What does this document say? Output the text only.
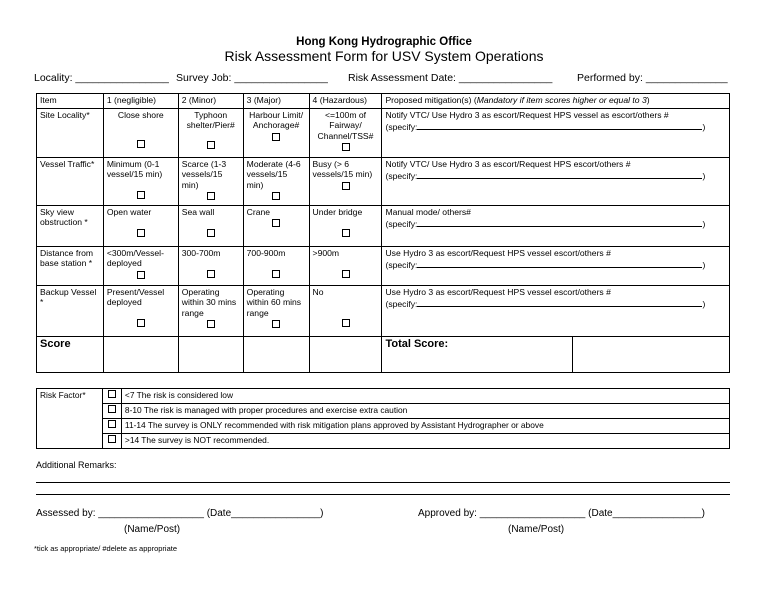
Hong Kong Hydrographic Office
Risk Assessment Form for USV System Operations
Locality: ________________ Survey Job: ________________ Risk Assessment Date: ________________ Performed by: ______________
Item	1 (negligible)	2 (Minor)	3 (Major)	4 (Hazardous)	Proposed mitigation(s) (Mandatory if item scores higher or equal to 3)	
Site Locality*	Close shore	Typhoon shelter/Pier#	Harbour Limit/ Anchorage#	<=100m of Fairway/ Channel/TSS#	Notify VTC/ Use Hydro 3 as escort/Request HPS vessel as escort/others #
(specify: )	

Vessel Traffic*	Minimum (0-1 vessel/15 min)	Scarce (1-3 vessels/15 min)	Moderate (4-6 vessels/15 min)	Busy (> 6 vessels/15 min)	Notify VTC/ Use Hydro 3 as escort/Request HPS escort/others #
(specify: )	

Sky view obstruction *	Open water	Sea wall	Crane	Under bridge	Manual mode/ others#
(specify: )	

Distance from base station *	<300m/Vessel-deployed	300-700m	700-900m	>900m	Use Hydro 3 as escort/Request HPS vessel escort/others #
(specify: )	

Backup Vessel *	Present/Vessel deployed	Operating within 30 mins range	Operating within 60 mins range	No	Use Hydro 3 as escort/Request HPS vessel escort/others #
(specify: )	

Score					Total Score:	
Risk Factor*		<7 The risk is considered low
		8-10 The risk is managed with proper procedures and exercise extra caution
		11-14 The survey is ONLY recommended with risk mitigation plans approved by Assistant Hydrographer or above
		>14 The survey is NOT recommended.
Additional Remarks:
Assessed by: ___________________ (Date________________)	Approved by: ___________________ (Date________________)
(Name/Post)	(Name/Post)
*tick as appropriate/ #delete as appropriate
